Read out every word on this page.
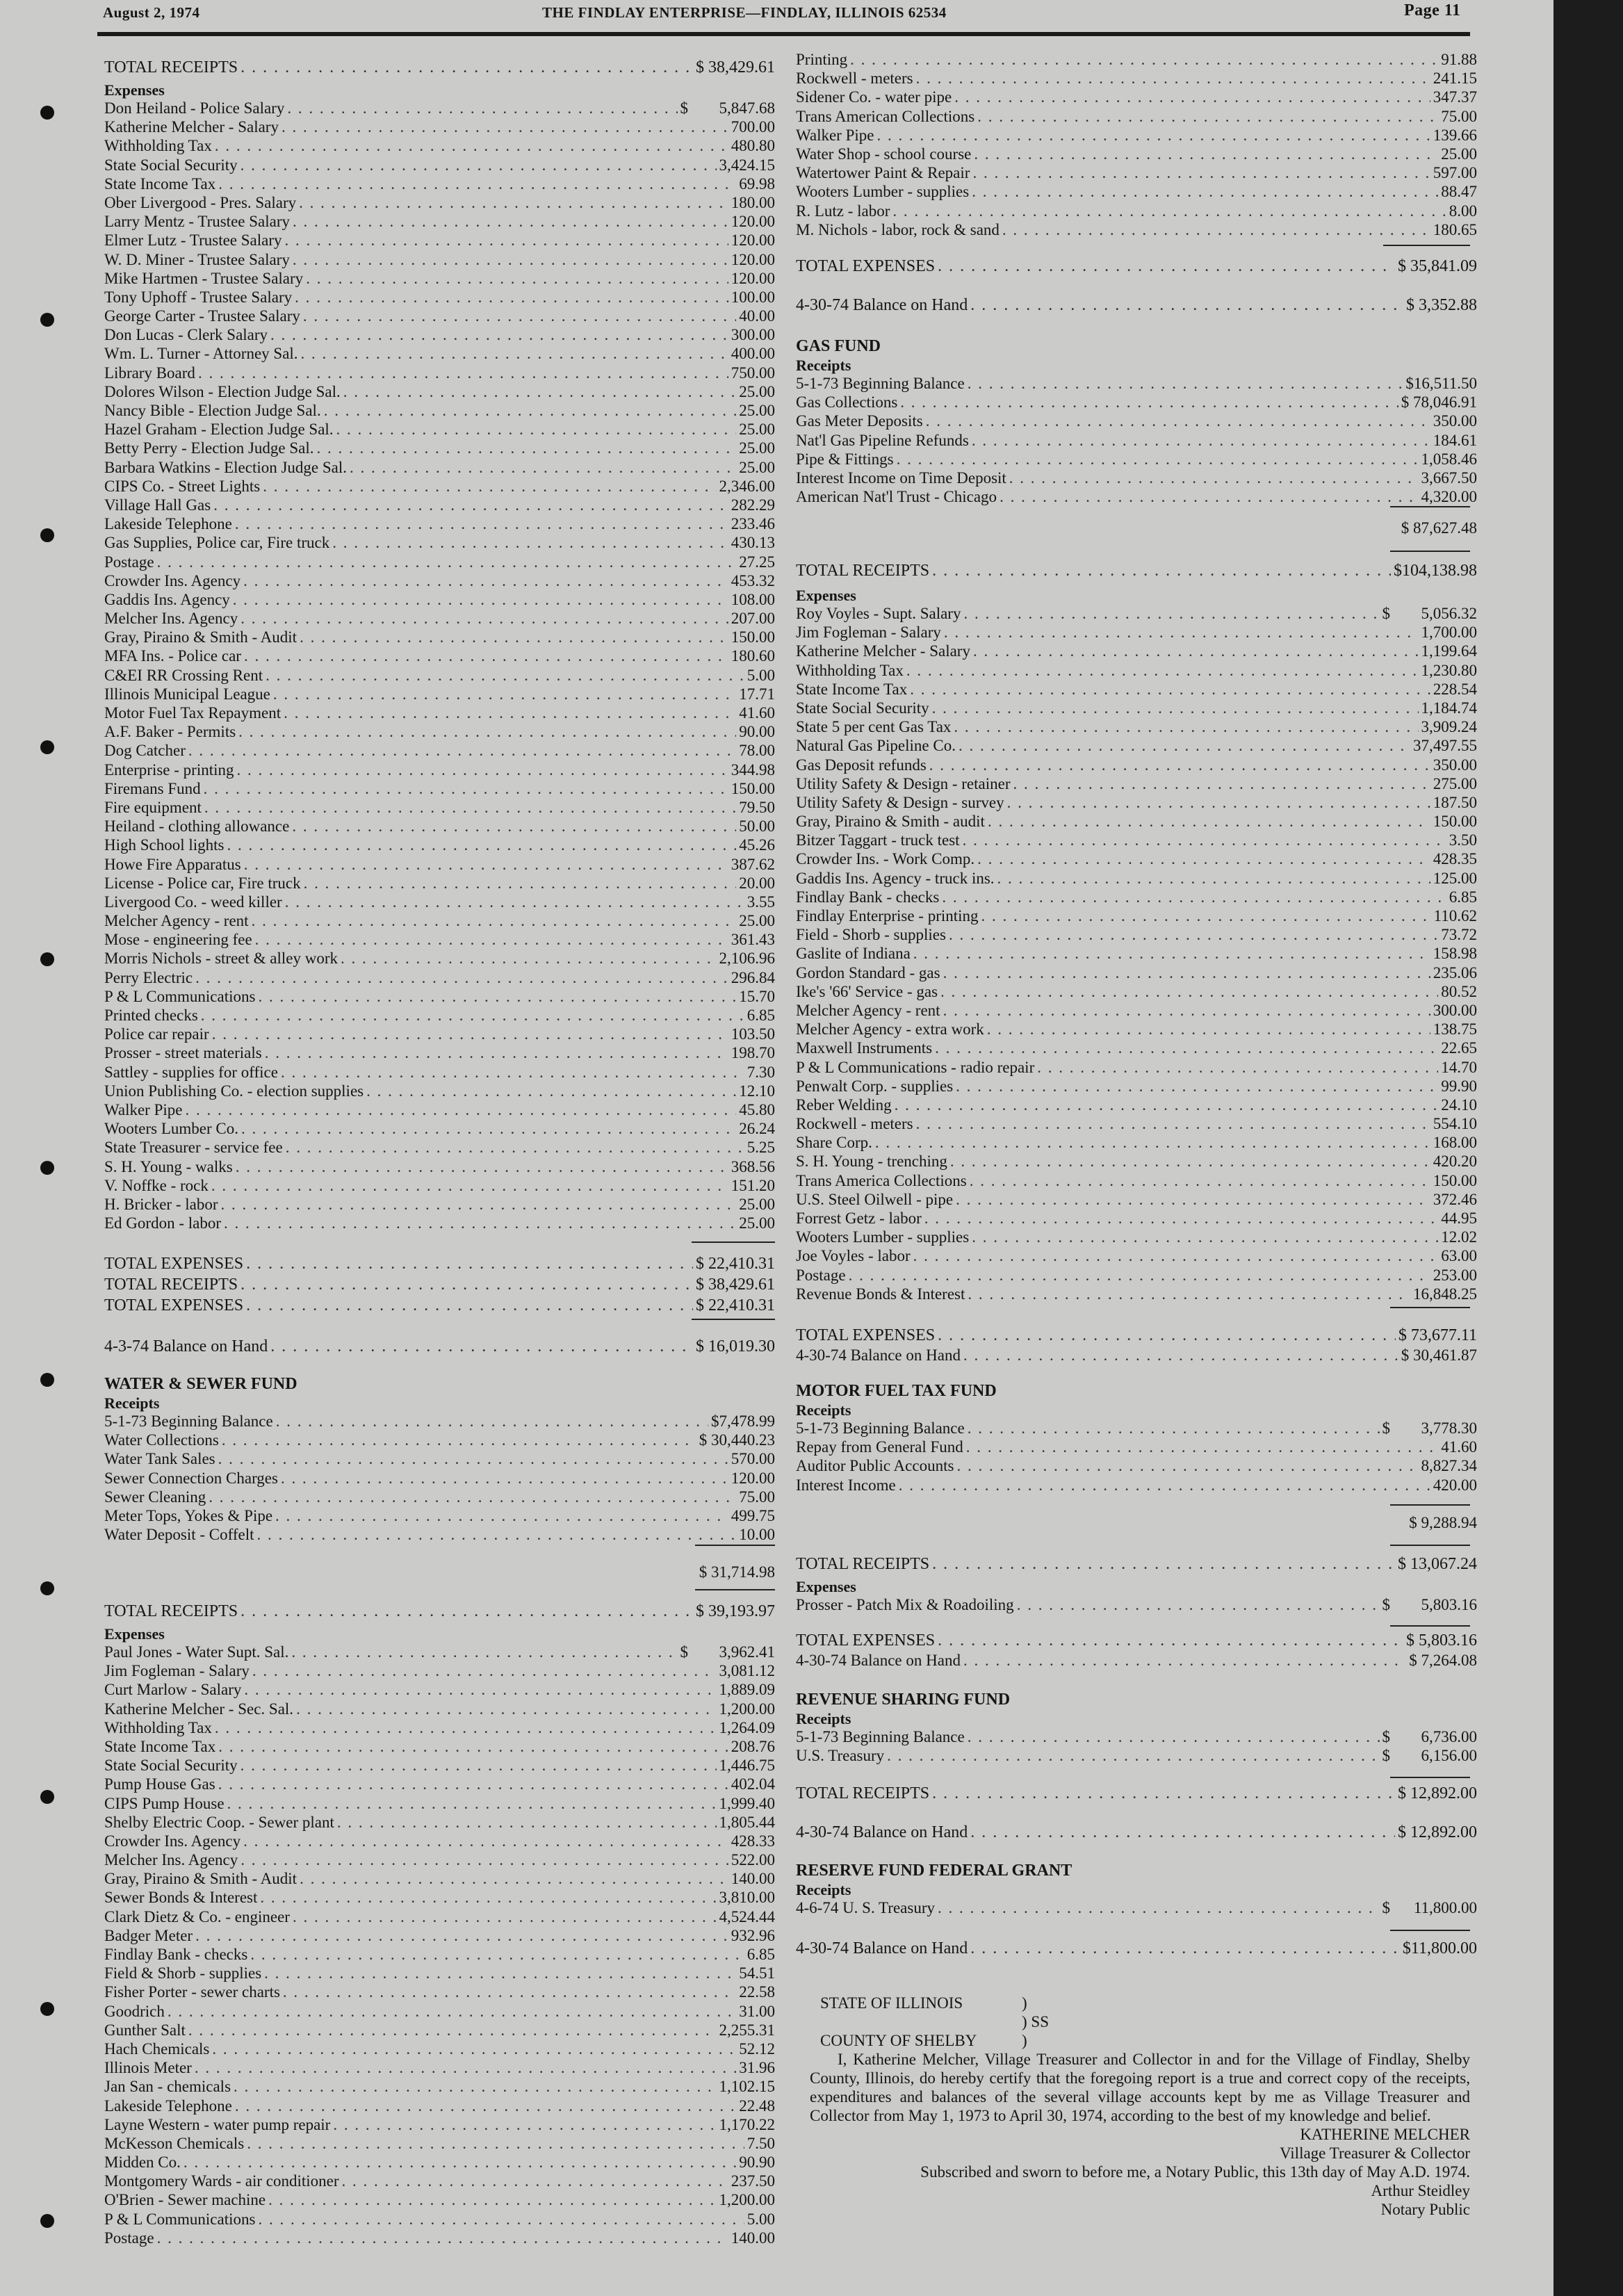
August 2, 1974	THE FINDLAY ENTERPRISE—FINDLAY, ILLINOIS 62534	Page 11
TOTAL RECEIPTS . . .	$ 38,429.61
Expenses
Don Heiland - Police Salary . . .	$	5,847.68
Katherine Melcher - Salary . . .	700.00
Withholding Tax . . .	480.80
State Social Security . . .	3,424.15
State Income Tax . . .	69.98
Ober Livergood - Pres. Salary . . .	180.00
Larry Mentz - Trustee Salary . . .	120.00
Elmer Lutz - Trustee Salary . . .	120.00
W. D. Miner - Trustee Salary . . .	120.00
Mike Hartmen - Trustee Salary . . .	120.00
Tony Uphoff - Trustee Salary . . .	100.00
George Carter - Trustee Salary . . .	40.00
Don Lucas - Clerk Salary . . .	300.00
Wm. L. Turner - Attorney Sal. . . .	400.00
Library Board . . .	750.00
Dolores Wilson - Election Judge Sal. . . .	25.00
Nancy Bible - Election Judge Sal. . . .	25.00
Hazel Graham - Election Judge Sal. . . .	25.00
Betty Perry - Election Judge Sal. . . .	25.00
Barbara Watkins - Election Judge Sal. . . .	25.00
CIPS Co. - Street Lights . . .	2,346.00
Village Hall Gas . . .	282.29
Lakeside Telephone . . .	233.46
Gas Supplies, Police car, Fire truck . . .	430.13
Postage . . .	27.25
Crowder Ins. Agency . . .	453.32
Gaddis Ins. Agency . . .	108.00
Melcher Ins. Agency . . .	207.00
Gray, Piraino & Smith - Audit . . .	150.00
MFA Ins. - Police car . . .	180.60
C&EI RR Crossing Rent . . .	5.00
Illinois Municipal League . . .	17.71
Motor Fuel Tax Repayment . . .	41.60
A.F. Baker - Permits . . .	90.00
Dog Catcher . . .	78.00
Enterprise - printing . . .	344.98
Firemans Fund . . .	150.00
Fire equipment . . .	79.50
Heiland - clothing allowance . . .	50.00
High School lights . . .	45.26
Howe Fire Apparatus . . .	387.62
License - Police car, Fire truck . . .	20.00
Livergood Co. - weed killer . . .	3.55
Melcher Agency - rent . . .	25.00
Mose - engineering fee . . .	361.43
Morris Nichols - street & alley work . . .	2,106.96
Perry Electric . . .	296.84
P & L Communications . . .	15.70
Printed checks . . .	6.85
Police car repair . . .	103.50
Prosser - street materials . . .	198.70
Sattley - supplies for office . . .	7.30
Union Publishing Co. - election supplies . . .	12.10
Walker Pipe . . .	45.80
Wooters Lumber Co. . . .	26.24
State Treasurer - service fee . . .	5.25
S. H. Young - walks . . .	368.56
V. Noffke - rock . . .	151.20
H. Bricker - labor . . .	25.00
Ed Gordon - labor . . .	25.00
TOTAL EXPENSES . . .	$ 22,410.31
TOTAL RECEIPTS . . .	$ 38,429.61
TOTAL EXPENSES . . .	$ 22,410.31
4-3-74 Balance on Hand . . .	$ 16,019.30
WATER & SEWER FUND
Receipts
5-1-73 Beginning Balance . . .	$7,478.99
Water Collections . . .	$ 30,440.23
Water Tank Sales . . .	570.00
Sewer Connection Charges . . .	120.00
Sewer Cleaning . . .	75.00
Meter Tops, Yokes & Pipe . . .	499.75
Water Deposit - Coffelt . . .	10.00
$ 31,714.98
TOTAL RECEIPTS . . .	$ 39,193.97
Expenses
Paul Jones - Water Supt. Sal. . . .	$	3,962.41
Jim Fogleman - Salary . . .	3,081.12
Curt Marlow - Salary . . .	1,889.09
Katherine Melcher - Sec. Sal. . . .	1,200.00
Withholding Tax . . .	1,264.09
State Income Tax . . .	208.76
State Social Security . . .	1,446.75
Pump House Gas . . .	402.04
CIPS Pump House . . .	1,999.40
Shelby Electric Coop. - Sewer plant . . .	1,805.44
Crowder Ins. Agency . . .	428.33
Melcher Ins. Agency . . .	522.00
Gray, Piraino & Smith - Audit . . .	140.00
Sewer Bonds & Interest . . .	3,810.00
Clark Dietz & Co. - engineer . . .	4,524.44
Badger Meter . . .	932.96
Findlay Bank - checks . . .	6.85
Field & Shorb - supplies . . .	54.51
Fisher Porter - sewer charts . . .	22.58
Goodrich . . .	31.00
Gunther Salt . . .	2,255.31
Hach Chemicals . . .	52.12
Illinois Meter . . .	31.96
Jan San - chemicals . . .	1,102.15
Lakeside Telephone . . .	22.48
Layne Western - water pump repair . . .	1,170.22
McKesson Chemicals . . .	7.50
Midden Co. . . .	90.90
Montgomery Wards - air conditioner . . .	237.50
O'Brien - Sewer machine . . .	1,200.00
P & L Communications . . .	5.00
Postage . . .	140.00
Printing . . .	91.88
Rockwell - meters . . .	241.15
Sidener Co. - water pipe . . .	347.37
Trans American Collections . . .	75.00
Walker Pipe . . .	139.66
Water Shop - school course . . .	25.00
Watertower Paint & Repair . . .	597.00
Wooters Lumber - supplies . . .	88.47
R. Lutz - labor . . .	8.00
M. Nichols - labor, rock & sand . . .	180.65
TOTAL EXPENSES . . .	$ 35,841.09
4-30-74 Balance on Hand . . .	$ 3,352.88
GAS FUND
Receipts
5-1-73 Beginning Balance . . .	$16,511.50
Gas Collections . . .	$ 78,046.91
Gas Meter Deposits . . .	350.00
Nat'l Gas Pipeline Refunds . . .	184.61
Pipe & Fittings . . .	1,058.46
Interest Income on Time Deposit . . .	3,667.50
American Nat'l Trust - Chicago . . .	4,320.00
$ 87,627.48
TOTAL RECEIPTS . . .	$104,138.98
Expenses
Roy Voyles - Supt. Salary . . .	$	5,056.32
Jim Fogleman - Salary . . .	1,700.00
Katherine Melcher - Salary . . .	1,199.64
Withholding Tax . . .	1,230.80
State Income Tax . . .	228.54
State Social Security . . .	1,184.74
State 5 per cent Gas Tax . . .	3,909.24
Natural Gas Pipeline Co. . . .	37,497.55
Gas Deposit refunds . . .	350.00
Utility Safety & Design - retainer . . .	275.00
Utility Safety & Design - survey . . .	187.50
Gray, Piraino & Smith - audit . . .	150.00
Bitzer Taggart - truck test . . .	3.50
Crowder Ins. - Work Comp. . . .	428.35
Gaddis Ins. Agency - truck ins. . . .	125.00
Findlay Bank - checks . . .	6.85
Findlay Enterprise - printing . . .	110.62
Field - Shorb - supplies . . .	73.72
Gaslite of Indiana . . .	158.98
Gordon Standard - gas . . .	235.06
Ike's '66' Service - gas . . .	80.52
Melcher Agency - rent . . .	300.00
Melcher Agency - extra work . . .	138.75
Maxwell Instruments . . .	22.65
P & L Communications - radio repair . . .	14.70
Penwalt Corp. - supplies . . .	99.90
Reber Welding . . .	24.10
Rockwell - meters . . .	554.10
Share Corp. . . .	168.00
S. H. Young - trenching . . .	420.20
Trans America Collections . . .	150.00
U.S. Steel Oilwell - pipe . . .	372.46
Forrest Getz - labor . . .	44.95
Wooters Lumber - supplies . . .	12.02
Joe Voyles - labor . . .	63.00
Postage . . .	253.00
Revenue Bonds & Interest . . .	16,848.25
TOTAL EXPENSES . . .	$ 73,677.11
4-30-74 Balance on Hand . . .	$ 30,461.87
MOTOR FUEL TAX FUND
Receipts
5-1-73 Beginning Balance . . .	$	3,778.30
Repay from General Fund . . .	41.60
Auditor Public Accounts . . .	8,827.34
Interest Income . . .	420.00
$ 9,288.94
TOTAL RECEIPTS . . .	$ 13,067.24
Expenses
Prosser - Patch Mix & Roadoiling . . .	$	5,803.16
TOTAL EXPENSES . . .	$ 5,803.16
4-30-74 Balance on Hand . . .	$ 7,264.08
REVENUE SHARING FUND
Receipts
5-1-73 Beginning Balance . . .	$	6,736.00
U.S. Treasury . . .	$	6,156.00
TOTAL RECEIPTS . . .	$ 12,892.00
4-30-74 Balance on Hand . . .	$ 12,892.00
RESERVE FUND FEDERAL GRANT
Receipts
4-6-74 U. S. Treasury . . .	$	11,800.00
4-30-74 Balance on Hand . . .	$11,800.00
STATE OF ILLINOIS	)
) SS
COUNTY OF SHELBY	)

I, Katherine Melcher, Village Treasurer and Collector in and for the Village of Findlay, Shelby County, Illinois, do hereby certify that the foregoing report is a true and correct copy of the receipts, expenditures and balances of the several village accounts kept by me as Village Treasurer and Collector from May 1, 1973 to April 30, 1974, according to the best of my knowledge and belief.

KATHERINE MELCHER
Village Treasurer & Collector
Subscribed and sworn to before me, a Notary Public, this 13th day of May A.D. 1974.
Arthur Steidley
Notary Public
